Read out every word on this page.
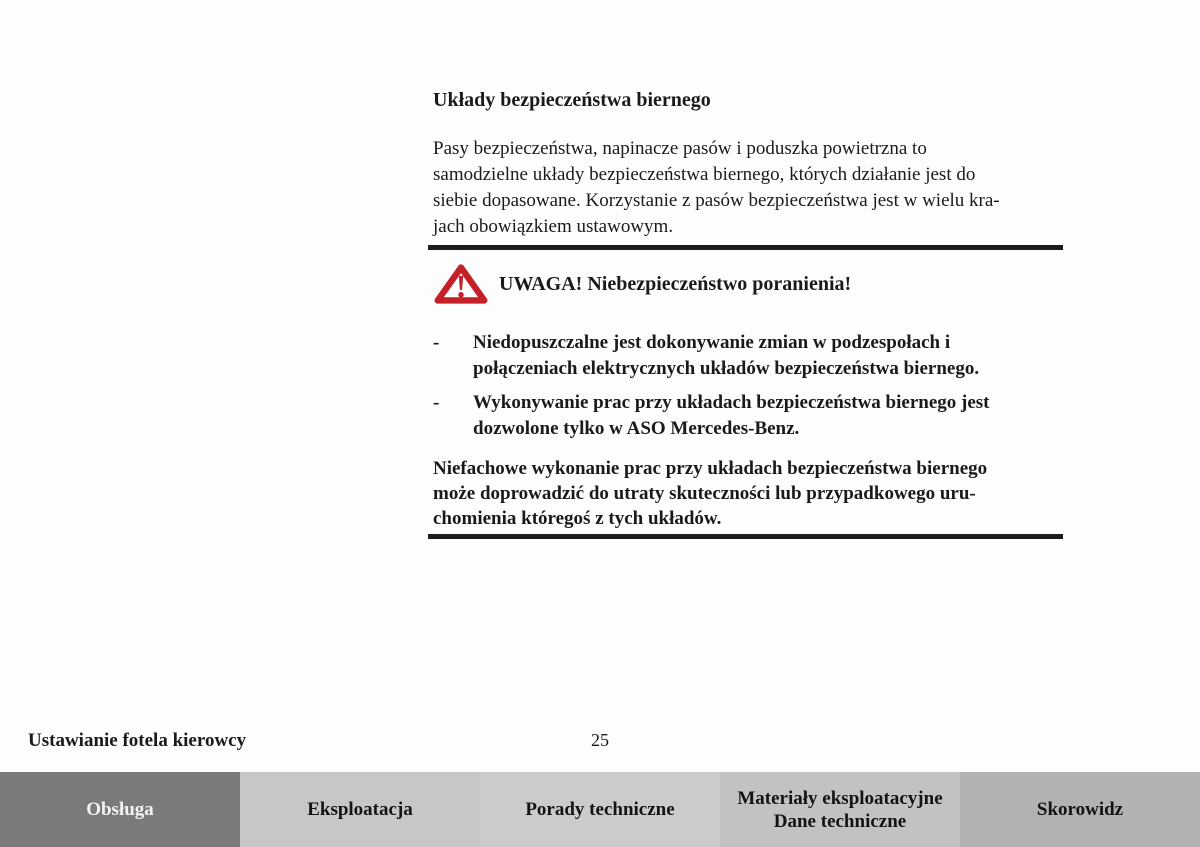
Układy bezpieczeństwa biernego
Pasy bezpieczeństwa, napinacze pasów i poduszka powietrzna to
samodzielne układy bezpieczeństwa biernego, których działanie jest do
siebie dopasowane. Korzystanie z pasów bezpieczeństwa jest w wielu kra-
jach obowiązkiem ustawowym.
UWAGA! Niebezpieczeństwo poranienia!
-	Niedopuszczalne jest dokonywanie zmian w podzespołach i
połączeniach elektrycznych układów bezpieczeństwa biernego.
-	Wykonywanie prac przy układach bezpieczeństwa biernego jest
dozwolone tylko w ASO Mercedes-Benz.
Niefachowe wykonanie prac przy układach bezpieczeństwa biernego
może doprowadzić do utraty skuteczności lub przypadkowego uru-
chomienia któregoś z tych układów.
Ustawianie fotela kierowcy	25
Obsługa	Eksploatacja	Porady techniczne
Materiały eksploatacyjne
Dane techniczne
Skorowidz
